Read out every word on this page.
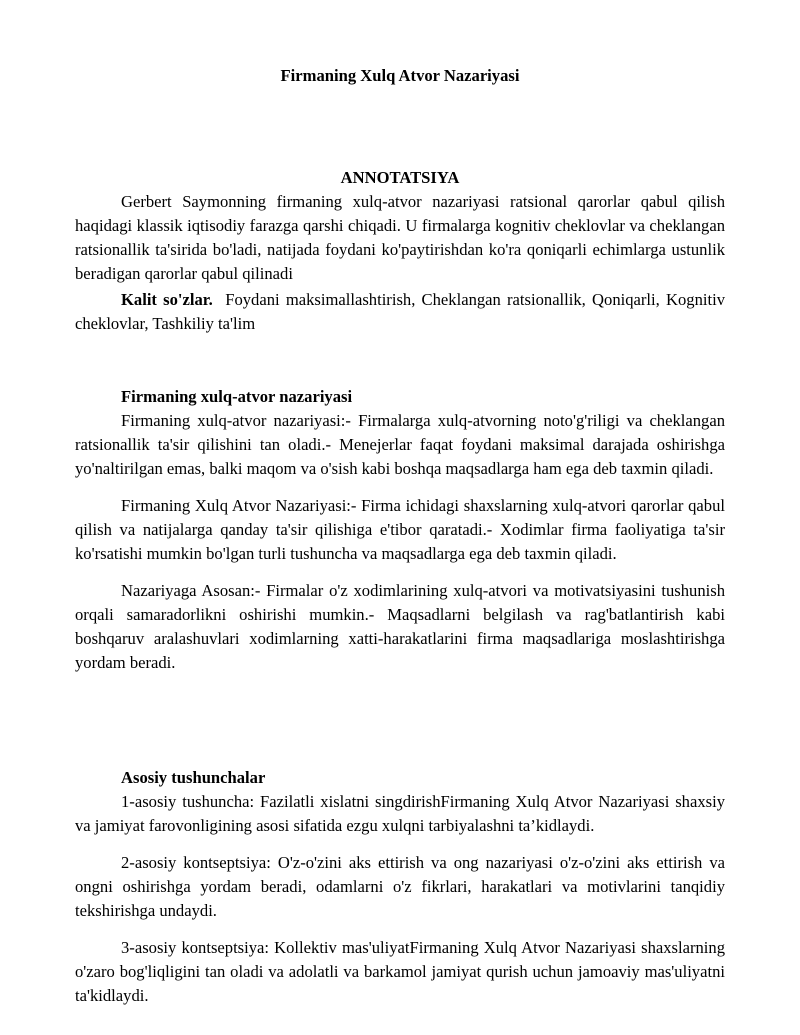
Firmaning Xulq Atvor Nazariyasi

ANNOTATSIYA

Gerbert Saymonning firmaning xulq-atvor nazariyasi ratsional qarorlar qabul qilish haqidagi klassik iqtisodiy farazga qarshi chiqadi. U firmalarga kognitiv cheklovlar va cheklangan ratsionallik ta'sirida bo'ladi, natijada foydani ko'paytirishdan ko'ra qoniqarli echimlarga ustunlik beradigan qarorlar qabul qilinadi

Kalit so'zlar. Foydani maksimallashtirish, Cheklangan ratsionallik, Qoniqarli, Kognitiv cheklovlar, Tashkiliy ta'lim

Firmaning xulq-atvor nazariyasi

Firmaning xulq-atvor nazariyasi:- Firmalarga xulq-atvorning noto'g'riligi va cheklangan ratsionallik ta'sir qilishini tan oladi.- Menejerlar faqat foydani maksimal darajada oshirishga yo'naltirilgan emas, balki maqom va o'sish kabi boshqa maqsadlarga ham ega deb taxmin qiladi.

Firmaning Xulq Atvor Nazariyasi:- Firma ichidagi shaxslarning xulq-atvori qarorlar qabul qilish va natijalarga qanday ta'sir qilishiga e'tibor qaratadi.- Xodimlar firma faoliyatiga ta'sir ko'rsatishi mumkin bo'lgan turli tushuncha va maqsadlarga ega deb taxmin qiladi.

Nazariyaga Asosan:- Firmalar o'z xodimlarining xulq-atvori va motivatsiyasini tushunish orqali samaradorlikni oshirishi mumkin.- Maqsadlarni belgilash va rag'batlantirish kabi boshqaruv aralashuvlari xodimlarning xatti-harakatlarini firma maqsadlariga moslashtirishga yordam beradi.

Asosiy tushunchalar

1-asosiy tushuncha: Fazilatli xislatni singdirishFirmaning Xulq Atvor Nazariyasi shaxsiy va jamiyat farovonligining asosi sifatida ezgu xulqni tarbiyalashni ta’kidlaydi.

2-asosiy kontseptsiya: O'z-o'zini aks ettirish va ong nazariyasi o'z-o'zini aks ettirish va ongni oshirishga yordam beradi, odamlarni o'z fikrlari, harakatlari va motivlarini tanqidiy tekshirishga undaydi.

3-asosiy kontseptsiya: Kollektiv mas'uliyatFirmaning Xulq Atvor Nazariyasi shaxslarning o'zaro bog'liqligini tan oladi va adolatli va barkamol jamiyat qurish uchun jamoaviy mas'uliyatni ta'kidlaydi.
